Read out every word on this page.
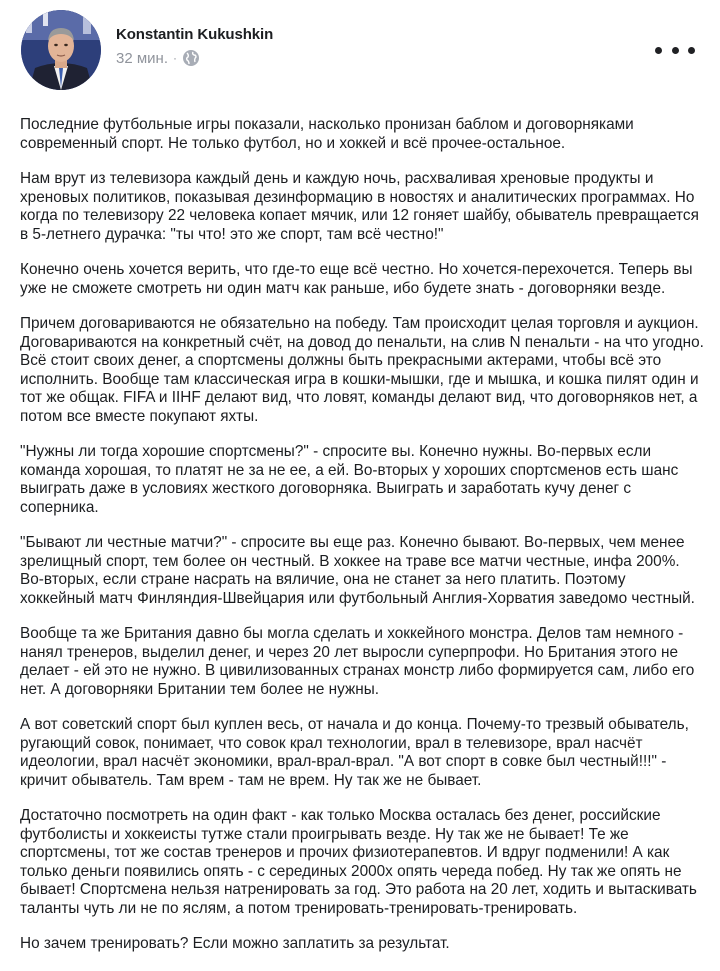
Konstantin Kukushkin
32 мин. ·

Последние футбольные игры показали, насколько пронизан баблом и договорняками современный спорт. Не только футбол, но и хоккей и всё прочее-остальное.

Нам врут из телевизора каждый день и каждую ночь, расхваливая хреновые продукты и хреновых политиков, показывая дезинформацию в новостях и аналитических программах. Но когда по телевизору 22 человека копает мячик, или 12 гоняет шайбу, обыватель превращается в 5-летнего дурачка: "ты что! это же спорт, там всё честно!"

Конечно очень хочется верить, что где-то еще всё честно. Но хочется-перехочется. Теперь вы уже не сможете смотреть ни один матч как раньше, ибо будете знать - договорняки везде.

Причем договариваются не обязательно на победу. Там происходит целая торговля и аукцион. Договариваются на конкретный счёт, на довод до пенальти, на слив N пенальти - на что угодно. Всё стоит своих денег, а спортсмены должны быть прекрасными актерами, чтобы всё это исполнить. Вообще там классическая игра в кошки-мышки, где и мышка, и кошка пилят один и тот же общак. FIFA и IIHF делают вид, что ловят, команды делают вид, что договорняков нет, а потом все вместе покупают яхты.

"Нужны ли тогда хорошие спортсмены?" - спросите вы. Конечно нужны. Во-первых если команда хорошая, то платят не за не ее, а ей. Во-вторых у хороших спортсменов есть шанс выиграть даже в условиях жесткого договорняка. Выиграть и заработать кучу денег с соперника.

"Бывают ли честные матчи?" - спросите вы еще раз. Конечно бывают. Во-первых, чем менее зрелищный спорт, тем более он честный. В хоккее на траве все матчи честные, инфа 200%. Во-вторых, если стране насрать на вяличие, она не станет за него платить. Поэтому хоккейный матч Финляндия-Швейцария или футбольный Англия-Хорватия заведомо честный.

Вообще та же Британия давно бы могла сделать и хоккейного монстра. Делов там немного - нанял тренеров, выделил денег, и через 20 лет выросли суперпрофи. Но Британия этого не делает - ей это не нужно. В цивилизованных странах монстр либо формируется сам, либо его нет. А договорняки Британии тем более не нужны.

А вот советский спорт был куплен весь, от начала и до конца. Почему-то трезвый обыватель, ругающий совок, понимает, что совок крал технологии, врал в телевизоре, врал насчёт идеологии, врал насчёт экономики, врал-врал-врал. "А вот спорт в совке был честный!!!" - кричит обыватель. Там врем - там не врем. Ну так же не бывает.

Достаточно посмотреть на один факт - как только Москва осталась без денег, российские футболисты и хоккеисты тутже стали проигрывать везде. Ну так же не бывает! Те же спортсмены, тот же состав тренеров и прочих физиотерапевтов. И вдруг подменили! А как только деньги появились опять - с серединых 2000х опять череда побед. Ну так же опять не бывает! Спортсмена нельзя натренировать за год. Это работа на 20 лет, ходить и вытаскивать таланты чуть ли не по яслям, а потом тренировать-тренировать-тренировать.

Но зачем тренировать? Если можно заплатить за результат.
